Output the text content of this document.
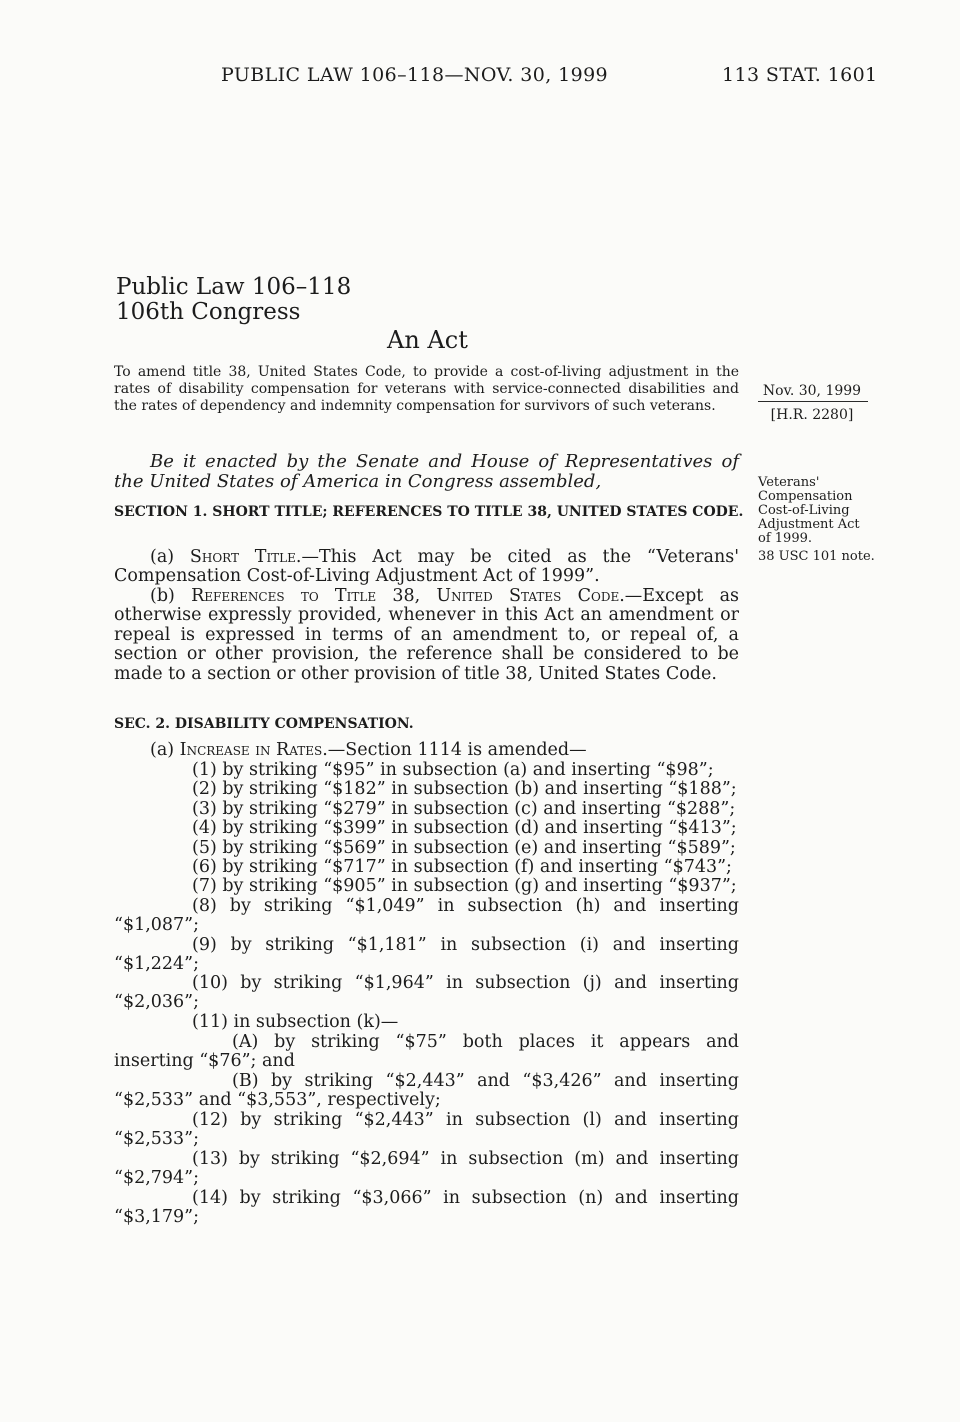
PUBLIC LAW 106–118—NOV. 30, 1999	113 STAT. 1601
Public Law 106–118
106th Congress
An Act
To amend title 38, United States Code, to provide a cost-of-living adjustment in the rates of disability compensation for veterans with service-connected disabilities and the rates of dependency and indemnity compensation for survivors of such veterans.
Nov. 30, 1999
[H.R. 2280]
Veterans'
Compensation
Cost-of-Living
Adjustment Act
of 1999.
38 USC 101 note.
Be it enacted by the Senate and House of Representatives of the United States of America in Congress assembled,
SECTION 1. SHORT TITLE; REFERENCES TO TITLE 38, UNITED STATES CODE.
(a) Short Title.—This Act may be cited as the “Veterans' Compensation Cost-of-Living Adjustment Act of 1999”.
(b) References to Title 38, United States Code.—Except as otherwise expressly provided, whenever in this Act an amendment or repeal is expressed in terms of an amendment to, or repeal of, a section or other provision, the reference shall be considered to be made to a section or other provision of title 38, United States Code.
SEC. 2. DISABILITY COMPENSATION.
(a) Increase in Rates.—Section 1114 is amended—
(1) by striking “$95” in subsection (a) and inserting “$98”;
(2) by striking “$182” in subsection (b) and inserting “$188”;
(3) by striking “$279” in subsection (c) and inserting “$288”;
(4) by striking “$399” in subsection (d) and inserting “$413”;
(5) by striking “$569” in subsection (e) and inserting “$589”;
(6) by striking “$717” in subsection (f) and inserting “$743”;
(7) by striking “$905” in subsection (g) and inserting “$937”;
(8) by striking “$1,049” in subsection (h) and inserting “$1,087”;
(9) by striking “$1,181” in subsection (i) and inserting “$1,224”;
(10) by striking “$1,964” in subsection (j) and inserting “$2,036”;
(11) in subsection (k)—
(A) by striking “$75” both places it appears and inserting “$76”; and
(B) by striking “$2,443” and “$3,426” and inserting “$2,533” and “$3,553”, respectively;
(12) by striking “$2,443” in subsection (l) and inserting “$2,533”;
(13) by striking “$2,694” in subsection (m) and inserting “$2,794”;
(14) by striking “$3,066” in subsection (n) and inserting “$3,179”;
